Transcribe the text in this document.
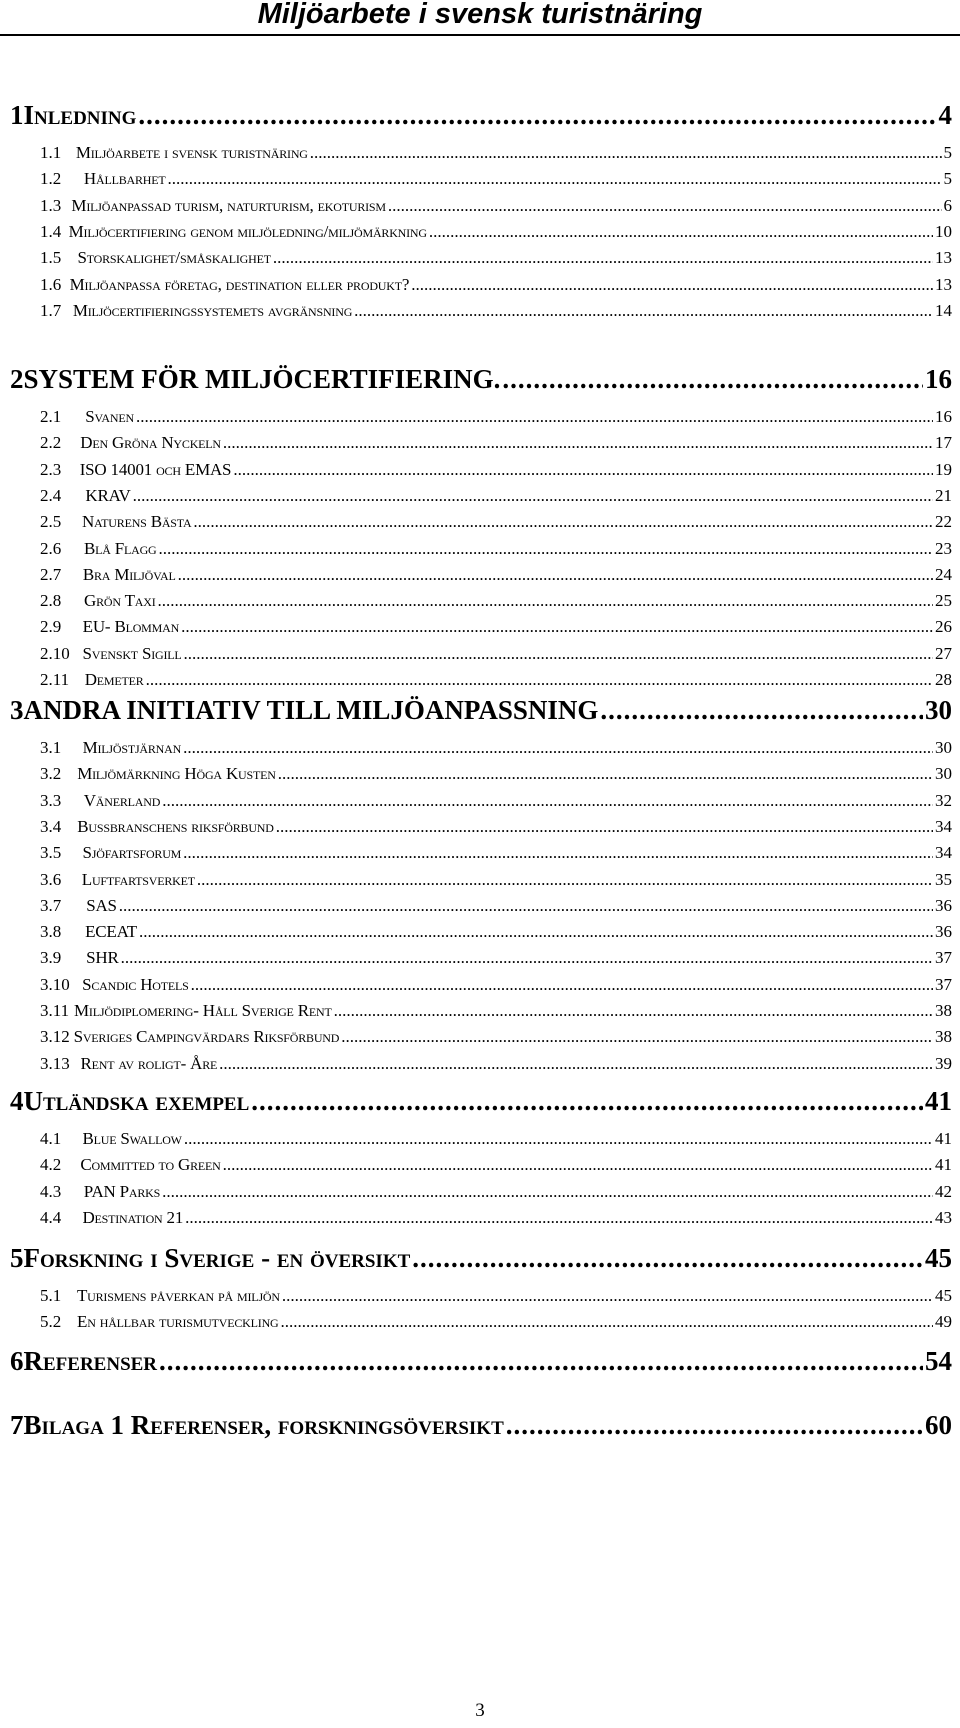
Miljöarbete i svensk turistnäring
1 Inledning .....	4
1.1 Miljöarbete i svensk turistnäring .....	5
1.2	Hållbarhet .....	5
1.3 Miljöanpassad turism, naturturism, ekoturism .....	6
1.4 Miljöcertifiering genom miljöledning/miljömärkning .....	10
1.5 Storskalighet/småskalighet .....	13
1.6 Miljöanpassa företag, destination eller produkt? .....	13
1.7 Miljöcertifieringssystemets avgränsning .....	14
2 SYSTEM FÖR MILJÖCERTIFIERING. .....	16
2.1	Svanen .....	16
2.2	Den Gröna Nyckeln .....	17
2.3	ISO 14001 och EMAS .....	19
2.4	KRAV .....	21
2.5	Naturens Bästa .....	22
2.6	Blå Flagg .....	23
2.7	Bra Miljöval .....	24
2.8	Grön Taxi .....	25
2.9	EU- Blomman .....	26
2.10 Svenskt Sigill .....	27
2.11 Demeter .....	28
3 ANDRA INITIATIV TILL MILJÖANPASSNING .....	30
3.1	Miljöstjärnan .....	30
3.2 Miljömärkning Höga Kusten .....	30
3.3	Vänerland .....	32
3.4 Bussbranschens riksförbund .....	34
3.5	Sjöfartsforum .....	34
3.6	Luftfartsverket .....	35
3.7	SAS .....	36
3.8	ECEAT .....	36
3.9	SHR .....	37
3.10 Scandic Hotels .....	37
3.11 Miljödiplomering- Håll Sverige Rent .....	38
3.12 Sveriges Campingvärdars Riksförbund .....	38
3.13 Rent av roligt- Åre .....	39
4 Utländska exempel .....	41
4.1	Blue Swallow .....	41
4.2	Committed to Green .....	41
4.3	PAN Parks .....	42
4.4	Destination 21 .....	43
5 Forskning i Sverige - en översikt .....	45
5.1 Turismens påverkan på miljön .....	45
5.2 En hållbar turismutveckling .....	49
6 Referenser .....	54
7 Bilaga 1 Referenser, forskningsöversikt .....	60
3
